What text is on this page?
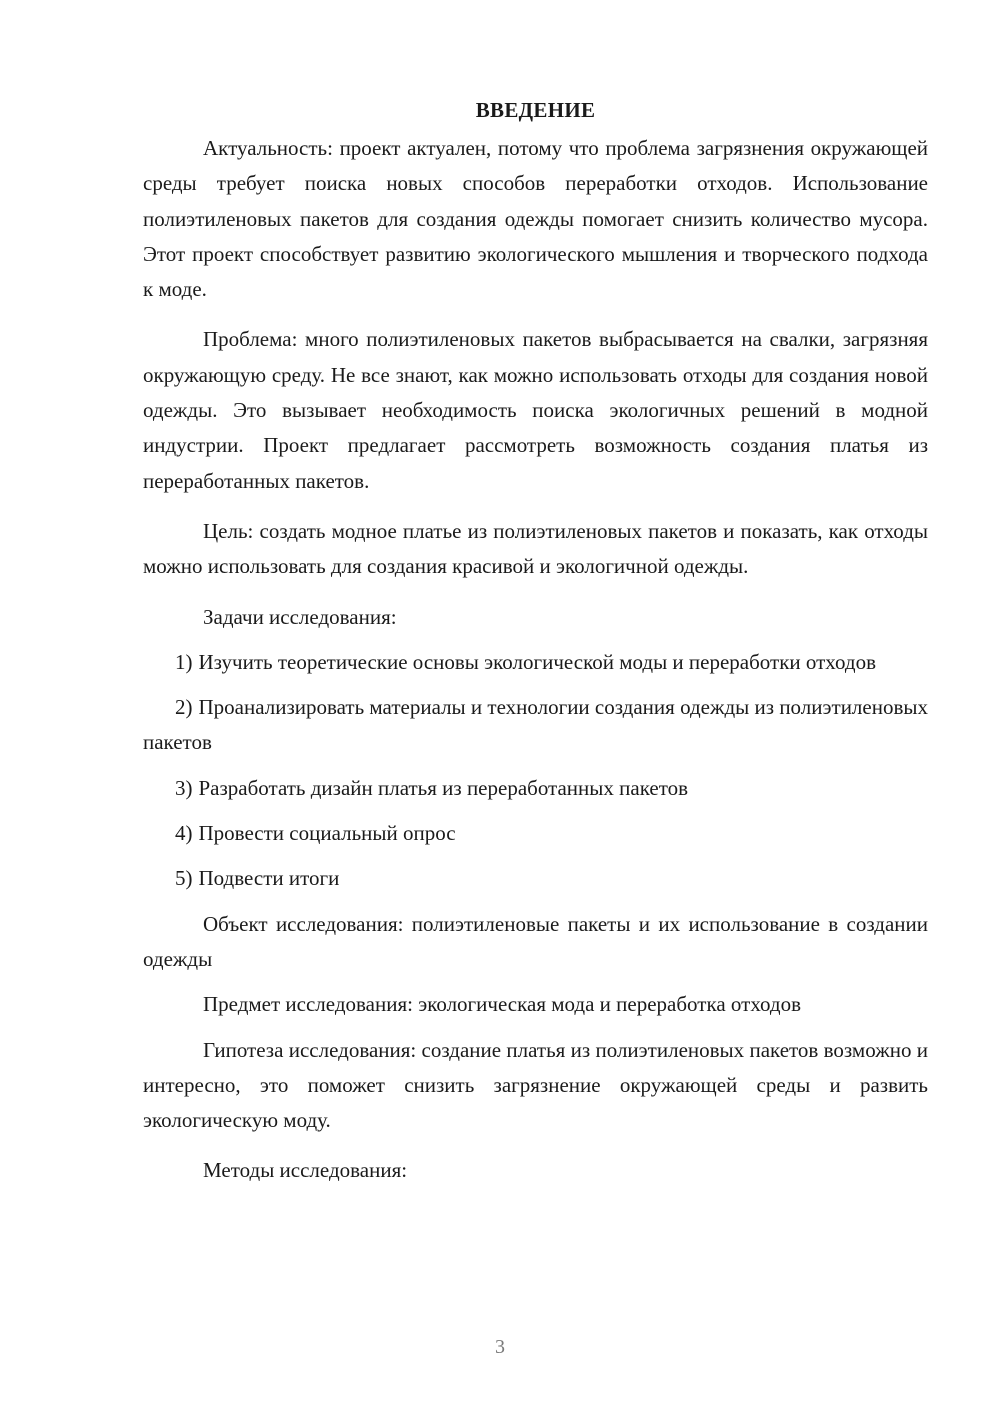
ВВЕДЕНИЕ

Актуальность: проект актуален, потому что проблема загрязнения окружающей среды требует поиска новых способов переработки отходов. Использование полиэтиленовых пакетов для создания одежды помогает снизить количество мусора. Этот проект способствует развитию экологического мышления и творческого подхода к моде.

Проблема: много полиэтиленовых пакетов выбрасывается на свалки, загрязняя окружающую среду. Не все знают, как можно использовать отходы для создания новой одежды. Это вызывает необходимость поиска экологичных решений в модной индустрии. Проект предлагает рассмотреть возможность создания платья из переработанных пакетов.

Цель: создать модное платье из полиэтиленовых пакетов и показать, как отходы можно использовать для создания красивой и экологичной одежды.

Задачи исследования:

1) Изучить теоретические основы экологической моды и переработки отходов

2) Проанализировать материалы и технологии создания одежды из полиэтиленовых пакетов

3) Разработать дизайн платья из переработанных пакетов

4) Провести социальный опрос

5) Подвести итоги

Объект исследования: полиэтиленовые пакеты и их использование в создании одежды

Предмет исследования: экологическая мода и переработка отходов

Гипотеза исследования: создание платья из полиэтиленовых пакетов возможно и интересно, это поможет снизить загрязнение окружающей среды и развить экологическую моду.

Методы исследования:

3
